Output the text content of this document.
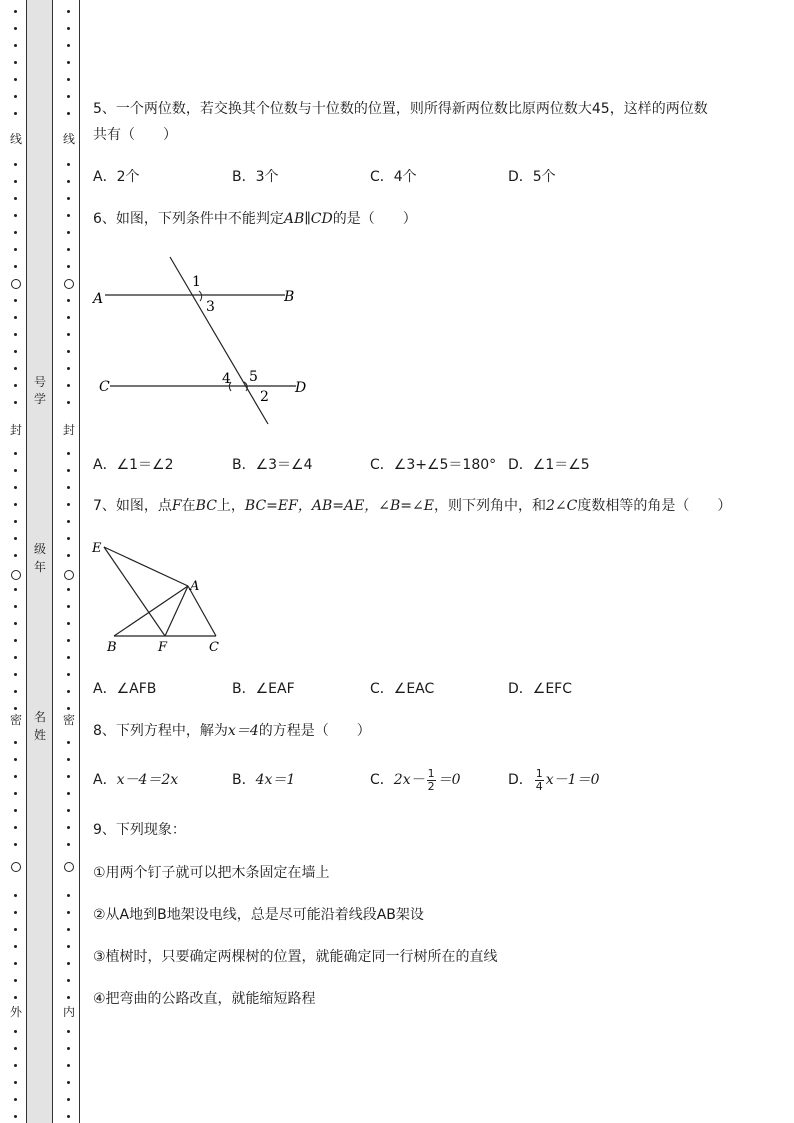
号
学
级
年
名
姓
线
封
密
外
线
封
密
内
5、一个两位数，若交换其个位数与十位数的位置，则所得新两位数比原两位数大45，这样的两位数
共有（　　）
A．2个	B．3个	C．4个	D．5个
6、如图，下列条件中不能判定AB∥CD的是（　　）
A	B
C	D
1
3
4 5
2
A．∠1＝∠2	B．∠3＝∠4	C．∠3+∠5＝180° D．∠1＝∠5
7、如图，点F在BC上，BC=EF，AB=AE，∠B=∠E，则下列角中，和2∠C度数相等的角是（　　）
E
A
B	F	C
A．∠AFB	B．∠EAF	C．∠EAC	D．∠EFC
8、下列方程中，解为x＝4的方程是（　　）
A．x－4＝2x	B．4x＝1	C．$2x- \frac{1}{2} =0$	D． $\frac{1}{4} x-1=0$
9、下列现象：
①用两个钉子就可以把木条固定在墙上
②从A地到B地架设电线，总是尽可能沿着线段AB架设
③植树时，只要确定两棵树的位置，就能确定同一行树所在的直线
④把弯曲的公路改直，就能缩短路程
